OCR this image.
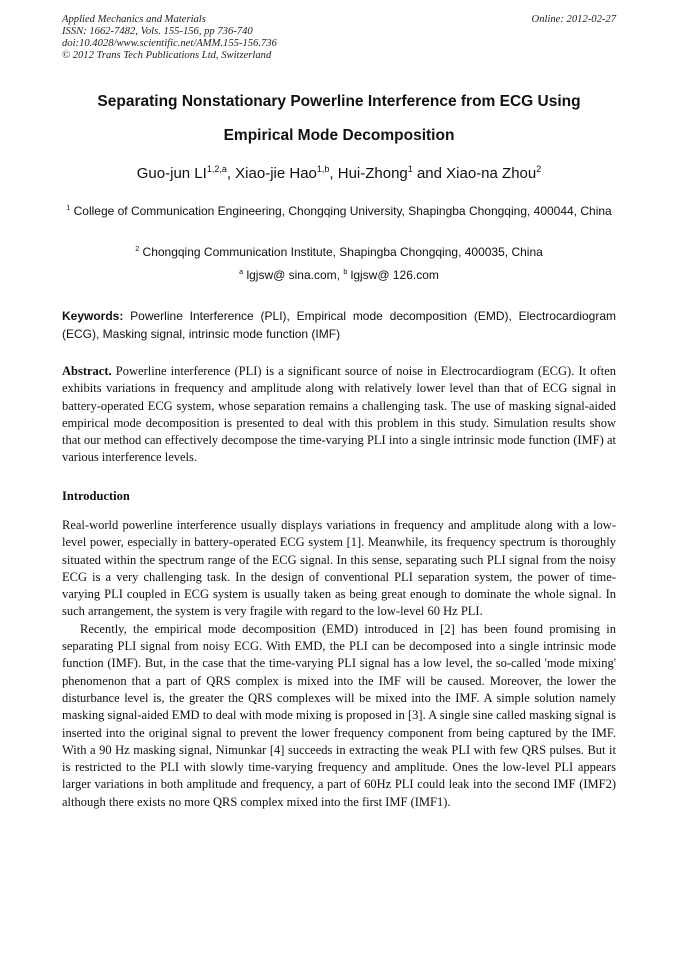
Applied Mechanics and Materials
ISSN: 1662-7482, Vols. 155-156, pp 736-740
doi:10.4028/www.scientific.net/AMM.155-156.736
© 2012 Trans Tech Publications Ltd, Switzerland
Online: 2012-02-27
Separating Nonstationary Powerline Interference from ECG Using
Empirical Mode Decomposition
Guo-jun LI$^{1,2,a}$, Xiao-jie Hao$^{1,b}$, Hui-Zhong$^1$ and Xiao-na Zhou$^2$
$^1$ College of Communication Engineering, Chongqing University, Shapingba Chongqing, 400044, China
$^2$ Chongqing Communication Institute, Shapingba Chongqing, 400035, China
$^a$ lgjsw@ sina.com, $^b$ lgjsw@ 126.com
Keywords: Powerline Interference (PLI), Empirical mode decomposition (EMD), Electrocardiogram (ECG), Masking signal, intrinsic mode function (IMF)
Abstract. Powerline interference (PLI) is a significant source of noise in Electrocardiogram (ECG). It often exhibits variations in frequency and amplitude along with relatively lower level than that of ECG signal in battery-operated ECG system, whose separation remains a challenging task. The use of masking signal-aided empirical mode decomposition is presented to deal with this problem in this study. Simulation results show that our method can effectively decompose the time-varying PLI into a single intrinsic mode function (IMF) at various interference levels.
Introduction

Real-world powerline interference usually displays variations in frequency and amplitude along with a low-level power, especially in battery-operated ECG system [1]. Meanwhile, its frequency spectrum is thoroughly situated within the spectrum range of the ECG signal. In this sense, separating such PLI signal from the noisy ECG is a very challenging task. In the design of conventional PLI separation system, the power of time-varying PLI coupled in ECG system is usually taken as being great enough to dominate the whole signal. In such arrangement, the system is very fragile with regard to the low-level 60 Hz PLI.

Recently, the empirical mode decomposition (EMD) introduced in [2] has been found promising in separating PLI signal from noisy ECG. With EMD, the PLI can be decomposed into a single intrinsic mode function (IMF). But, in the case that the time-varying PLI signal has a low level, the so-called 'mode mixing' phenomenon that a part of QRS complex is mixed into the IMF will be caused. Moreover, the lower the disturbance level is, the greater the QRS complexes will be mixed into the IMF. A simple solution namely masking signal-aided EMD to deal with mode mixing is proposed in [3]. A single sine called masking signal is inserted into the original signal to prevent the lower frequency component from being captured by the IMF. With a 90 Hz masking signal, Nimunkar [4] succeeds in extracting the weak PLI with few QRS pulses. But it is restricted to the PLI with slowly time-varying frequency and amplitude. Ones the low-level PLI appears larger variations in both amplitude and frequency, a part of 60Hz PLI could leak into the second IMF (IMF2) although there exists no more QRS complex mixed into the first IMF (IMF1).
